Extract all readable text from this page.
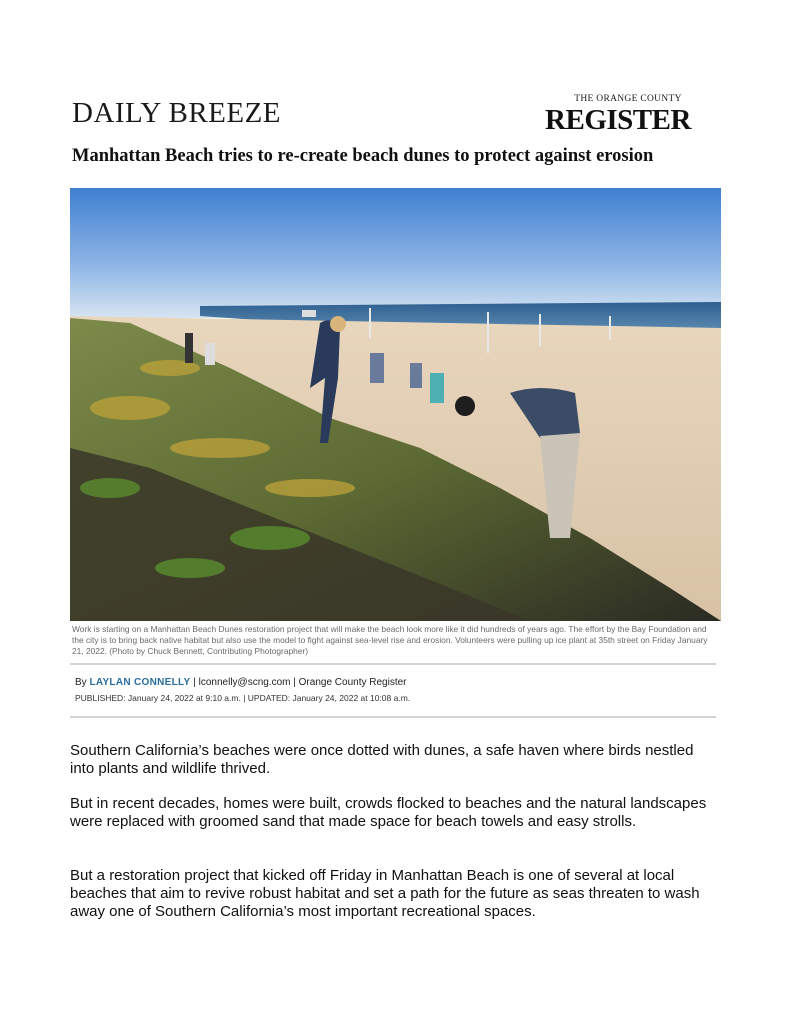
DAILY BREEZE	THE ORANGE COUNTY
REGISTER
Manhattan Beach tries to re-create beach dunes to protect against erosion

Work is starting on a Manhattan Beach Dunes restoration project that will make the beach look more like it did hundreds of years ago. The effort by the Bay Foundation and the city is to bring back native habitat but also use the model to fight against sea-level rise and erosion. Volunteers were pulling up ice plant at 35th street on Friday January 21, 2022. (Photo by Chuck Bennett, Contributing Photographer)

By LAYLAN CONNELLY | lconnelly@scng.com | Orange County Register
PUBLISHED: January 24, 2022 at 9:10 a.m. | UPDATED: January 24, 2022 at 10:08 a.m.

Southern California’s beaches were once dotted with dunes, a safe haven where birds nestled into plants and wildlife thrived.

But in recent decades, homes were built, crowds flocked to beaches and the natural landscapes were replaced with groomed sand that made space for beach towels and easy strolls.

But a restoration project that kicked off Friday in Manhattan Beach is one of several at local beaches that aim to revive robust habitat and set a path for the future as seas threaten to wash away one of Southern California’s most important recreational spaces.
